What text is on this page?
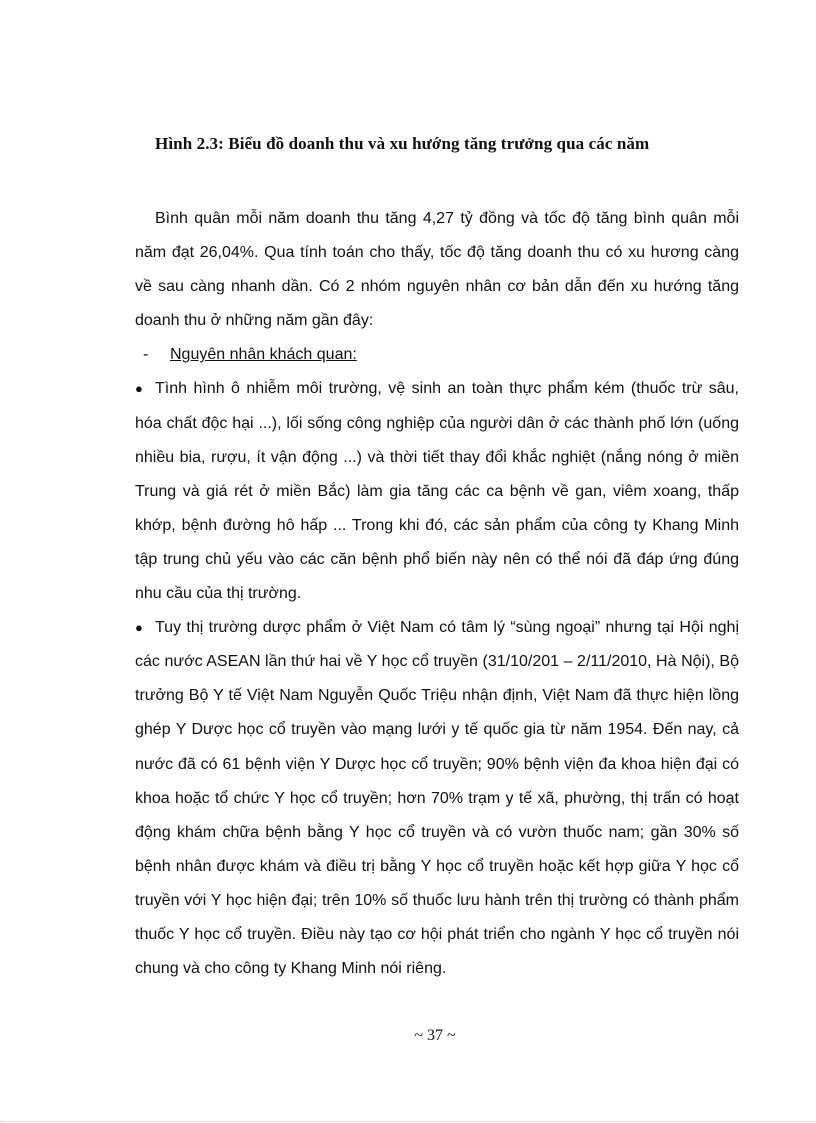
Hình 2.3: Biểu đồ doanh thu và xu hướng tăng trưởng qua các năm

Bình quân mỗi năm doanh thu tăng 4,27 tỷ đồng và tốc độ tăng bình quân mỗi năm đạt 26,04%. Qua tính toán cho thấy, tốc độ tăng doanh thu có xu hương càng về sau càng nhanh dần. Có 2 nhóm nguyên nhân cơ bản dẫn đến xu hướng tăng doanh thu ở những năm gần đây:

- Nguyên nhân khách quan:

● Tình hình ô nhiễm môi trường, vệ sinh an toàn thực phẩm kém (thuốc trừ sâu, hóa chất độc hại ...), lối sống công nghiệp của người dân ở các thành phố lớn (uống nhiều bia, rượu, ít vận động ...) và thời tiết thay đổi khắc nghiệt (nắng nóng ở miền Trung và giá rét ở miền Bắc) làm gia tăng các ca bệnh về gan, viêm xoang, thấp khớp, bệnh đường hô hấp ... Trong khi đó, các sản phẩm của công ty Khang Minh tập trung chủ yếu vào các căn bệnh phổ biến này nên có thể nói đã đáp ứng đúng nhu cầu của thị trường.

● Tuy thị trường dược phẩm ở Việt Nam có tâm lý “sùng ngoại” nhưng tại Hội nghị các nước ASEAN lần thứ hai về Y học cổ truyền (31/10/201 – 2/11/2010, Hà Nội), Bộ trưởng Bộ Y tế Việt Nam Nguyễn Quốc Triệu nhận định, Việt Nam đã thực hiện lồng ghép Y Dược học cổ truyền vào mạng lưới y tế quốc gia từ năm 1954. Đến nay, cả nước đã có 61 bệnh viện Y Dược học cổ truyền; 90% bệnh viện đa khoa hiện đại có khoa hoặc tổ chức Y học cổ truyền; hơn 70% trạm y tế xã, phường, thị trấn có hoạt động khám chữa bệnh bằng Y học cổ truyền và có vườn thuốc nam; gần 30% số bệnh nhân được khám và điều trị bằng Y học cổ truyền hoặc kết hợp giữa Y học cổ truyền với Y học hiện đại; trên 10% số thuốc lưu hành trên thị trường có thành phẩm thuốc Y học cổ truyền. Điều này tạo cơ hội phát triển cho ngành Y học cổ truyền nói chung và cho công ty Khang Minh nói riêng.

~ 37 ~
